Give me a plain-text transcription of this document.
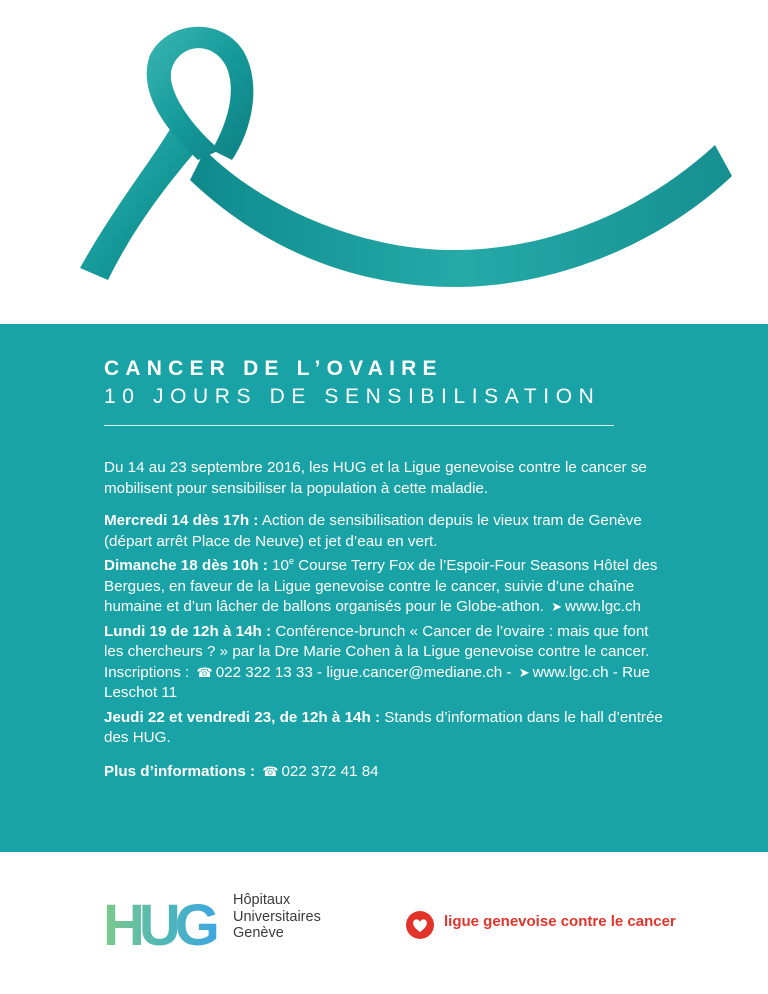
CANCER DE L’OVAIRE
10 JOURS DE SENSIBILISATION

Du 14 au 23 septembre 2016, les HUG et la Ligue genevoise contre le cancer se mobilisent pour sensibiliser la population à cette maladie.

Mercredi 14 dès 17h : Action de sensibilisation depuis le vieux tram de Genève (départ arrêt Place de Neuve) et jet d’eau en vert.

Dimanche 18 dès 10h : 10e Course Terry Fox de l’Espoir-Four Seasons Hôtel des Bergues, en faveur de la Ligue genevoise contre le cancer, suivie d’une chaîne humaine et d’un lâcher de ballons organisés pour le Globe-athon. ➤ www.lgc.ch

Lundi 19 de 12h à 14h : Conférence-brunch « Cancer de l’ovaire : mais que font les chercheurs ? » par la Dre Marie Cohen à la Ligue genevoise contre le cancer. Inscriptions : ☎ 022 322 13 33 - ligue.cancer@mediane.ch - ➤ www.lgc.ch - Rue Leschot 11

Jeudi 22 et vendredi 23, de 12h à 14h : Stands d’information dans le hall d’entrée des HUG.

Plus d’informations : ☎ 022 372 41 84

HUG Hôpitaux
Universitaires
Genève
ligue genevoise contre le cancer
